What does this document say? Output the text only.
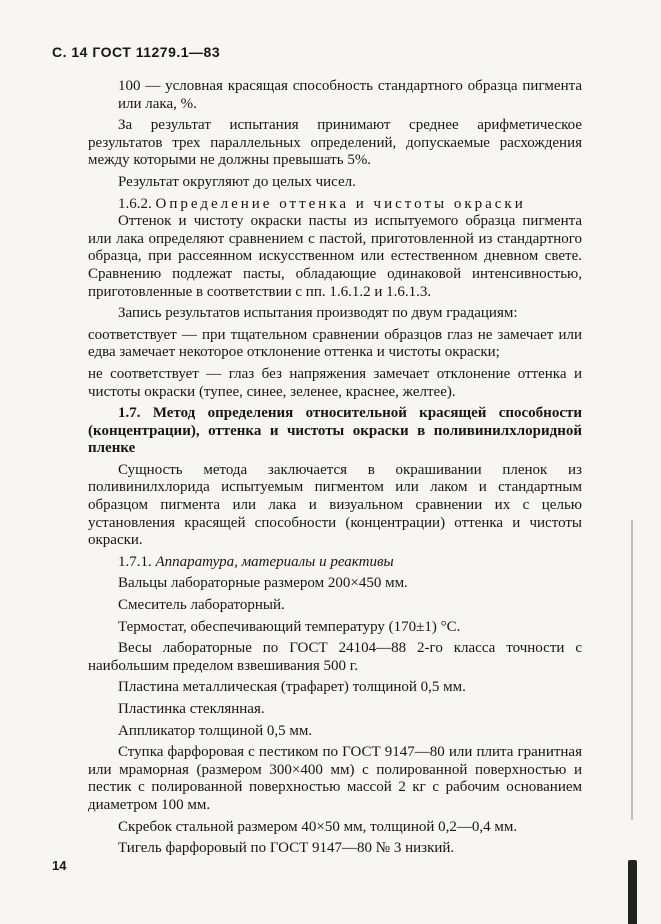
С. 14 ГОСТ 11279.1—83

100 — условная красящая способность стандартного образца пигмента или лака, %.

За результат испытания принимают среднее арифметическое результатов трех параллельных определений, допускаемые расхождения между которыми не должны превышать 5%.

Результат округляют до целых чисел.

1.6.2. Определение оттенка и чистоты окраски

Оттенок и чистоту окраски пасты из испытуемого образца пигмента или лака определяют сравнением с пастой, приготовленной из стандартного образца, при рассеянном искусственном или естественном дневном свете. Сравнению подлежат пасты, обладающие одинаковой интенсивностью, приготовленные в соответствии с пп. 1.6.1.2 и 1.6.1.3.

Запись результатов испытания производят по двум градациям:

соответствует — при тщательном сравнении образцов глаз не замечает или едва замечает некоторое отклонение оттенка и чистоты окраски;

не соответствует — глаз без напряжения замечает отклонение оттенка и чистоты окраски (тупее, синее, зеленее, краснее, желтее).

1.7. Метод определения относительной красящей способности (концентрации), оттенка и чистоты окраски в поливинилхлоридной пленке

Сущность метода заключается в окрашивании пленок из поливинилхлорида испытуемым пигментом или лаком и стандартным образцом пигмента или лака и визуальном сравнении их с целью установления красящей способности (концентрации) оттенка и чистоты окраски.

1.7.1. Аппаратура, материалы и реактивы

Вальцы лабораторные размером 200×450 мм.

Смеситель лабораторный.

Термостат, обеспечивающий температуру (170±1) °С.

Весы лабораторные по ГОСТ 24104—88 2-го класса точности с наибольшим пределом взвешивания 500 г.

Пластина металлическая (трафарет) толщиной 0,5 мм.

Пластинка стеклянная.

Аппликатор толщиной 0,5 мм.

Ступка фарфоровая с пестиком по ГОСТ 9147—80 или плита гранитная или мраморная (размером 300×400 мм) с полированной поверхностью и пестик с полированной поверхностью массой 2 кг с рабочим основанием диаметром 100 мм.

Скребок стальной размером 40×50 мм, толщиной 0,2—0,4 мм.

Тигель фарфоровый по ГОСТ 9147—80 № 3 низкий.

14
